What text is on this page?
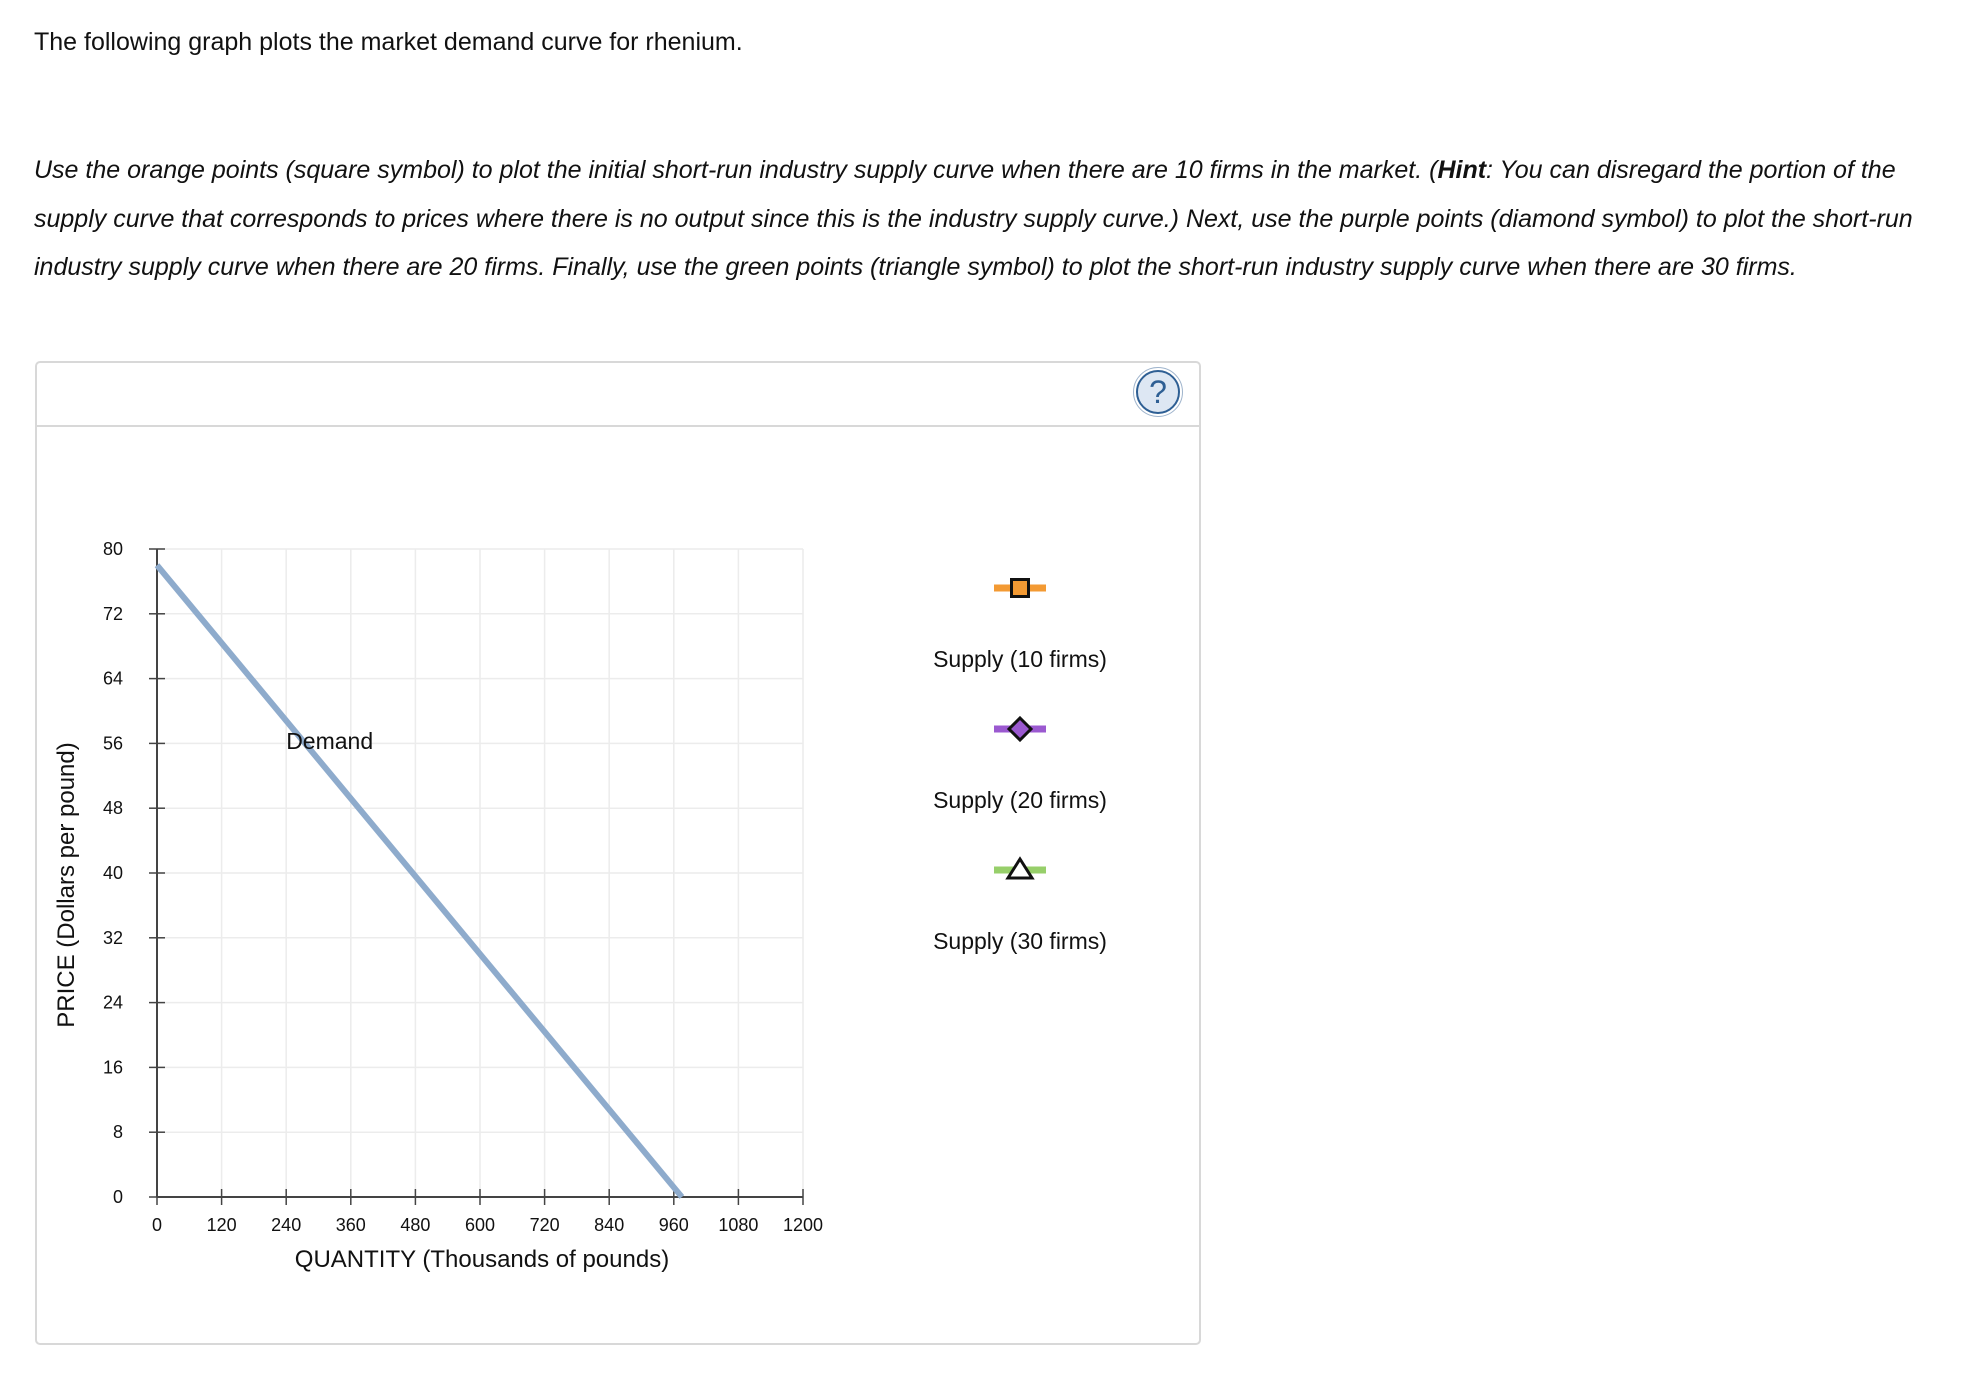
The following graph plots the market demand curve for rhenium.

Use the orange points (square symbol) to plot the initial short-run industry supply curve when there are 10 firms in the market. (Hint: You can disregard the portion of the supply curve that corresponds to prices where there is no output since this is the industry supply curve.) Next, use the purple points (diamond symbol) to plot the short-run industry supply curve when there are 20 firms. Finally, use the green points (triangle symbol) to plot the short-run industry supply curve when there are 30 firms.

?
0
8
16
24
32
40
48
56
64
72
80
0 120 240 360 480 600 720 840 960 1080 1200
Demand
Supply (10 firms)
Supply (20 firms)
Supply (30 firms)
QUANTITY (Thousands of pounds)
PRICE (Dollars per pound)
